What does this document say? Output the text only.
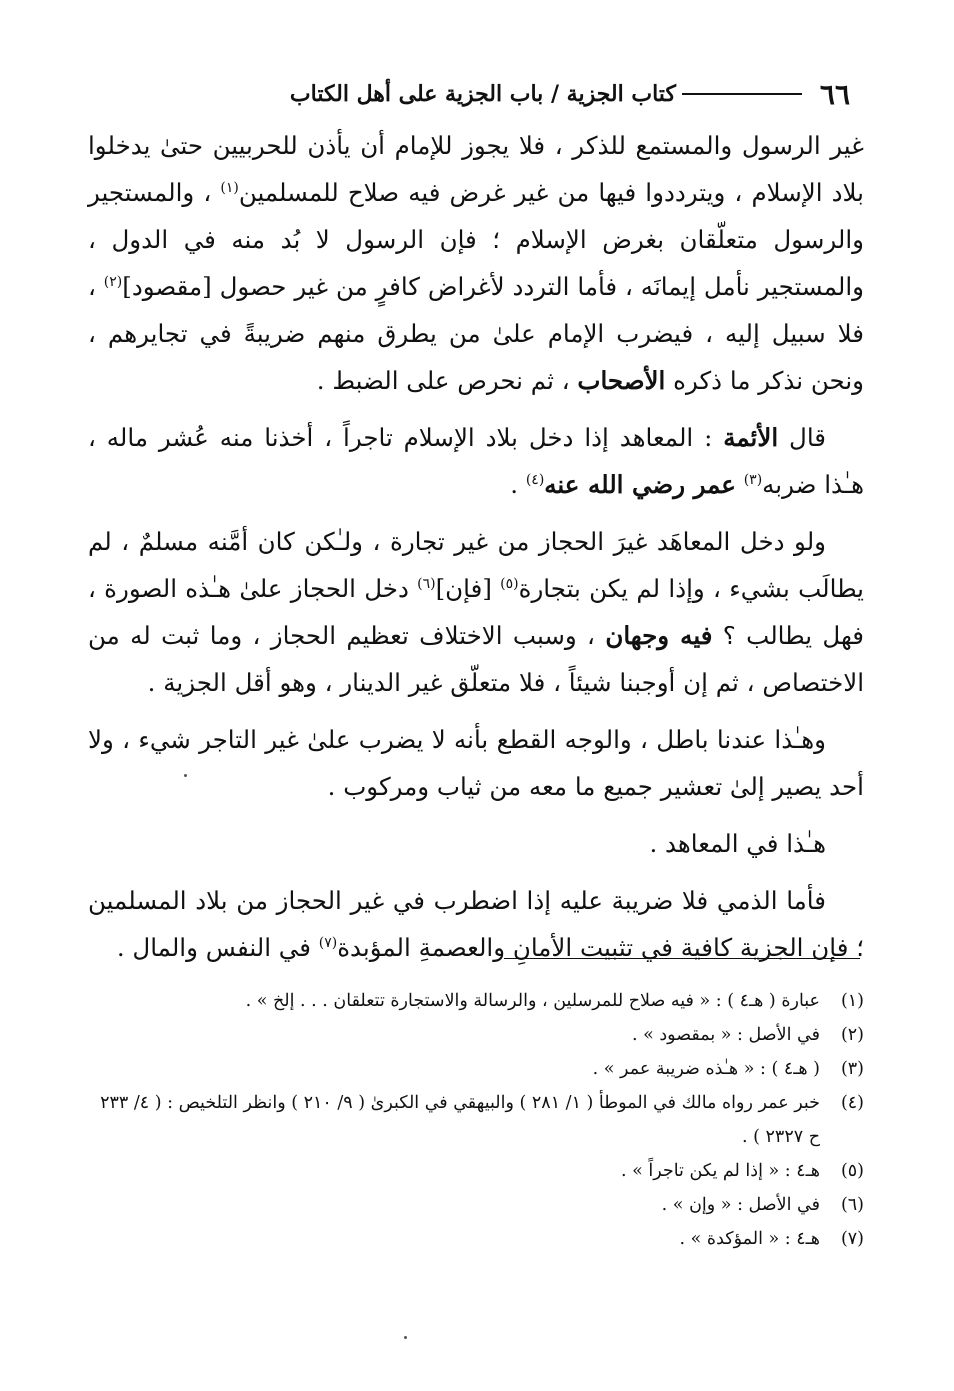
٦٦
كتاب الجزية / باب الجزية على أهل الكتاب

غير الرسول والمستمع للذكر ، فلا يجوز للإمام أن يأذن للحربيين حتىٰ يدخلوا بلاد الإسلام ، ويترددوا فيها من غير غرض فيه صلاح للمسلمين$^{(١)}$ ، والمستجير والرسول متعلّقان بغرض الإسلام ؛ فإن الرسول لا بُد منه في الدول ، والمستجير نأمل إيمانَه ، فأما التردد لأغراض كافرٍ من غير حصول [مقصود]$^{(٢)}$ ، فلا سبيل إليه ، فيضرب الإمام علىٰ من يطرق منهم ضريبةً في تجايرهم ، ونحن نذكر ما ذكره الأصحاب ، ثم نحرص على الضبط .

قال الأئمة : المعاهد إذا دخل بلاد الإسلام تاجراً ، أخذنا منه عُشر ماله ، هـٰذا ضربه$^{(٣)}$ عمر رضي الله عنه$^{(٤)}$ .

ولو دخل المعاهَد غيرَ الحجاز من غير تجارة ، ولـٰكن كان أمَّنه مسلمٌ ، لم يطالَب بشيء ، وإذا لم يكن بتجارة$^{(٥)}$ [فإن]$^{(٦)}$ دخل الحجاز علىٰ هـٰذه الصورة ، فهل يطالب ؟ فيه وجهان ، وسبب الاختلاف تعظيم الحجاز ، وما ثبت له من الاختصاص ، ثم إن أوجبنا شيئاً ، فلا متعلّق غير الدينار ، وهو أقل الجزية .

وهـٰذا عندنا باطل ، والوجه القطع بأنه لا يضرب علىٰ غير التاجر شيء ، ولا أحد يصير إلىٰ تعشير جميع ما معه من ثياب ومركوب .

هـٰذا في المعاهد .

فأما الذمي فلا ضريبة عليه إذا اضطرب في غير الحجاز من بلاد المسلمين ؛ فإن الجزية كافية في تثبيت الأمانِ والعصمةِ المؤبدة$^{(٧)}$ في النفس والمال .

(١)
عبارة ( هـ٤ ) : « فيه صلاح للمرسلين ، والرسالة والاستجارة تتعلقان . . . إلخ » .
(٢)
في الأصل : « بمقصود » .
(٣)
( هـ٤ ) : « هـٰذه ضريبة عمر » .
(٤)
خبر عمر رواه مالك في الموطأ ( ١/ ٢٨١ ) والبيهقي في الكبرىٰ ( ٩/ ٢١٠ ) وانظر التلخيص : ( ٤/ ٢٣٣ ح ٢٣٢٧ ) .
(٥)
هـ٤ : « إذا لم يكن تاجراً » .
(٦)
في الأصل : « وإن » .
(٧)
هـ٤ : « المؤكدة » .
